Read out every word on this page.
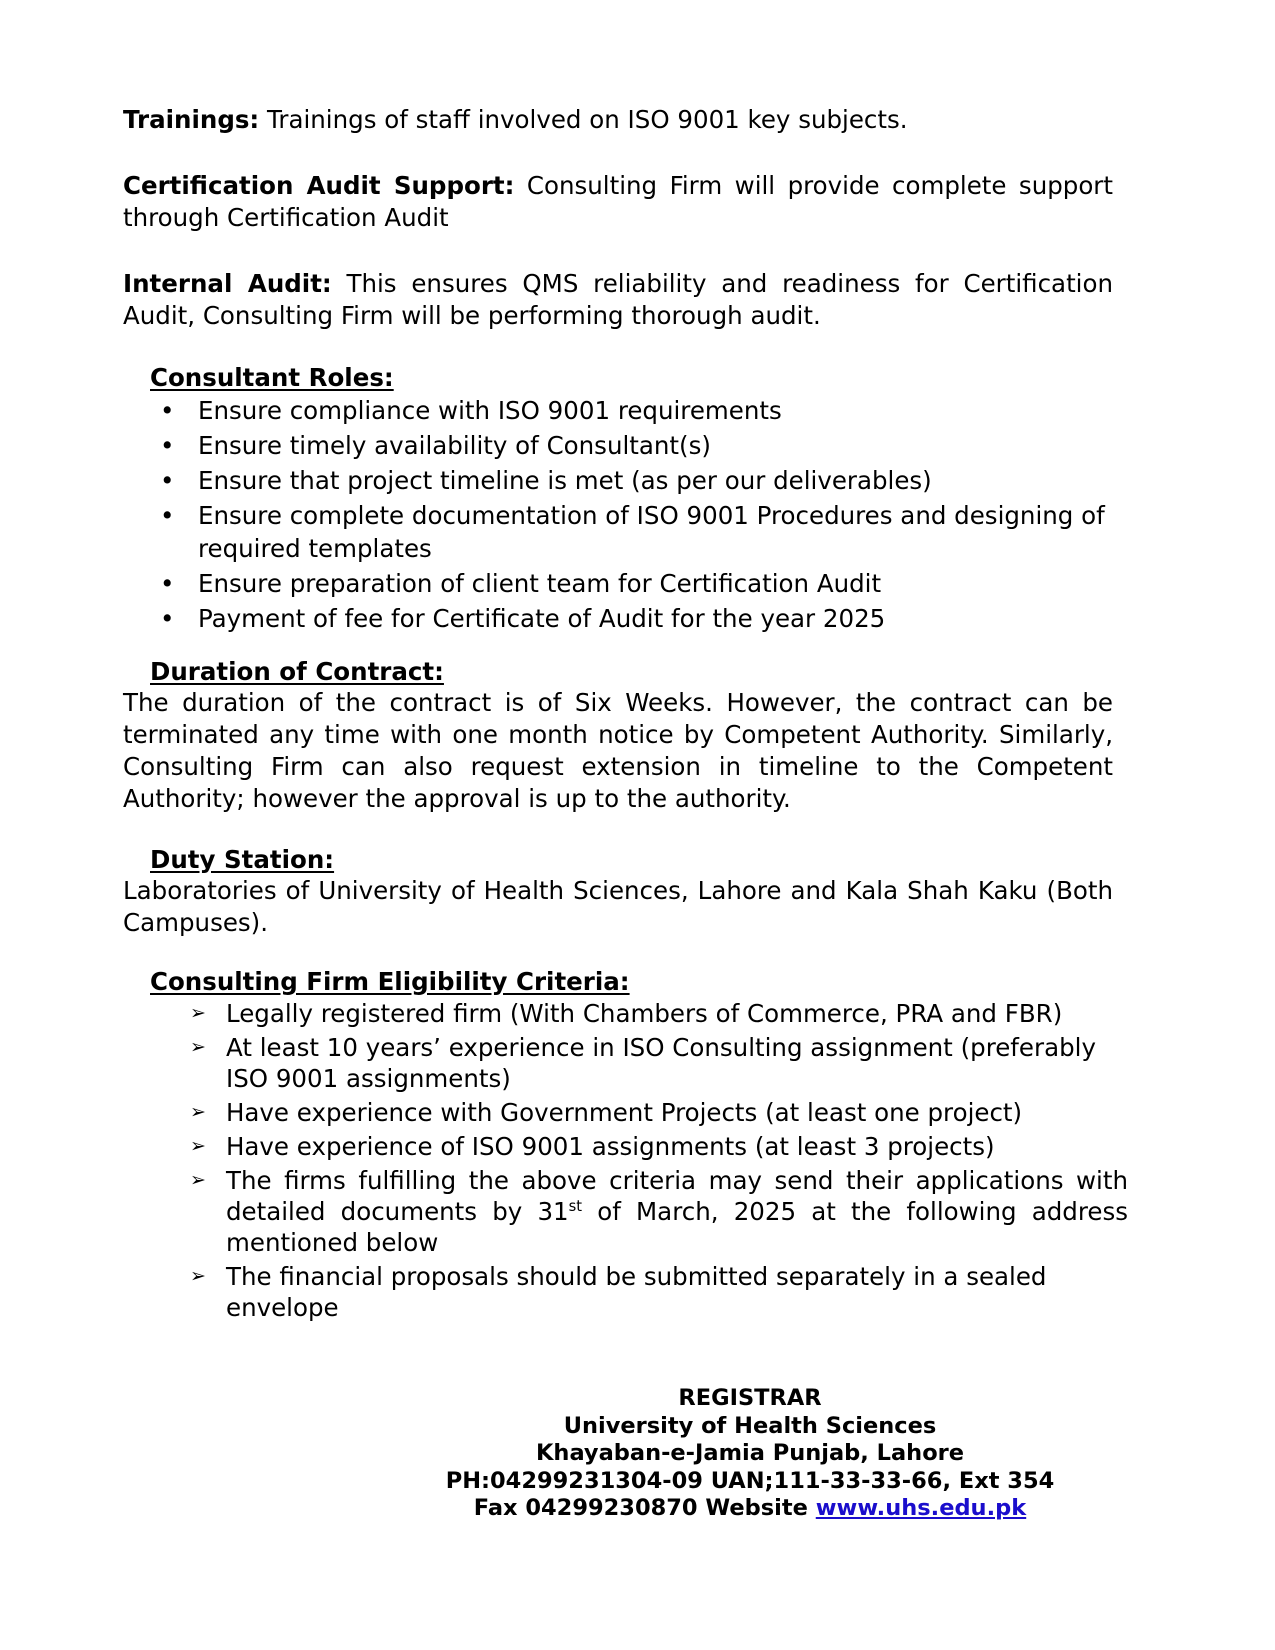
Trainings: Trainings of staff involved on ISO 9001 key subjects.
Certification Audit Support: Consulting Firm will provide complete support through Certification Audit
Internal Audit: This ensures QMS reliability and readiness for Certification Audit, Consulting Firm will be performing thorough audit.
Consultant Roles:
• Ensure compliance with ISO 9001 requirements
• Ensure timely availability of Consultant(s)
• Ensure that project timeline is met (as per our deliverables)
• Ensure complete documentation of ISO 9001 Procedures and designing of required templates
• Ensure preparation of client team for Certification Audit
• Payment of fee for Certificate of Audit for the year 2025
Duration of Contract:
The duration of the contract is of Six Weeks. However, the contract can be terminated any time with one month notice by Competent Authority. Similarly, Consulting Firm can also request extension in timeline to the Competent Authority; however the approval is up to the authority.
Duty Station:
Laboratories of University of Health Sciences, Lahore and Kala Shah Kaku (Both Campuses).
Consulting Firm Eligibility Criteria:
➢ Legally registered firm (With Chambers of Commerce, PRA and FBR)
➢ At least 10 years’ experience in ISO Consulting assignment (preferably ISO 9001 assignments)
➢ Have experience with Government Projects (at least one project)
➢ Have experience of ISO 9001 assignments (at least 3 projects)
➢ The firms fulfilling the above criteria may send their applications with detailed documents by 31st of March, 2025 at the following address mentioned below
➢ The financial proposals should be submitted separately in a sealed envelope
REGISTRAR
University of Health Sciences
Khayaban-e-Jamia Punjab, Lahore
PH:04299231304-09 UAN;111-33-33-66, Ext 354
Fax 04299230870 Website www.uhs.edu.pk
